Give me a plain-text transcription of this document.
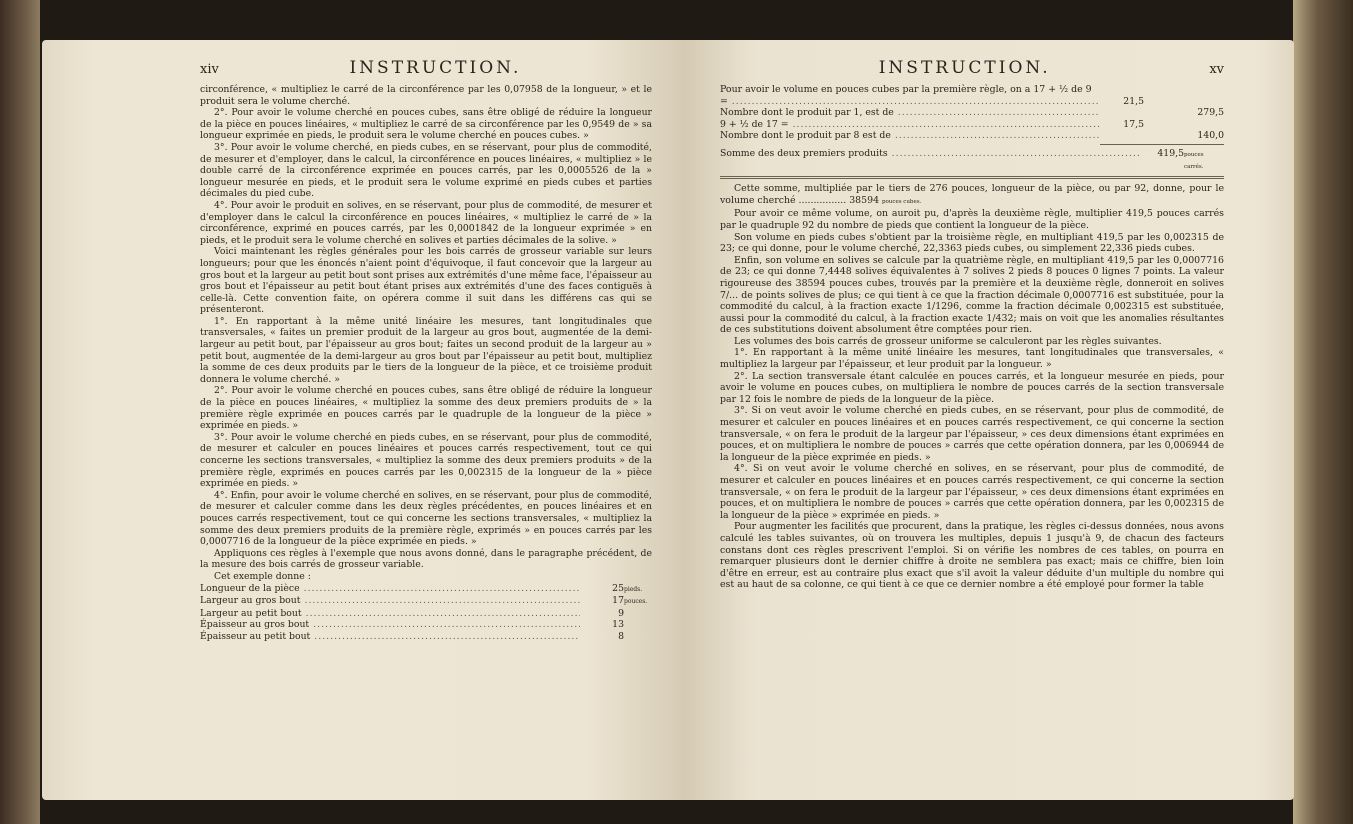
xiv	INSTRUCTION.

circonférence, « multipliez le carré de la circonférence par les 0,07958 de la longueur, » et le produit sera le volume cherché.

2°. Pour avoir le volume cherché en pouces cubes, sans être obligé de réduire la longueur de la pièce en pouces linéaires, « multipliez le carré de sa circonférence par les 0,9549 de » sa longueur exprimée en pieds, le produit sera le volume cherché en pouces cubes. »

3°. Pour avoir le volume cherché, en pieds cubes, en se réservant, pour plus de commodité, de mesurer et d'employer, dans le calcul, la circonférence en pouces linéaires, « multipliez » le double carré de la circonférence exprimée en pouces carrés, par les 0,0005526 de la » longueur mesurée en pieds, et le produit sera le volume exprimé en pieds cubes et parties décimales du pied cube.

4°. Pour avoir le produit en solives, en se réservant, pour plus de commodité, de mesurer et d'employer dans le calcul la circonférence en pouces linéaires, « multipliez le carré de » la circonférence, exprimé en pouces carrés, par les 0,0001842 de la longueur exprimée » en pieds, et le produit sera le volume cherché en solives et parties décimales de la solive. »

Voici maintenant les règles générales pour les bois carrés de grosseur variable sur leurs longueurs; pour que les énoncés n'aient point d'équivoque, il faut concevoir que la largeur au gros bout et la largeur au petit bout sont prises aux extrémités d'une même face, l'épaisseur au gros bout et l'épaisseur au petit bout étant prises aux extrémités d'une des faces contiguës à celle-là. Cette convention faite, on opérera comme il suit dans les différens cas qui se présenteront.

1°. En rapportant à la même unité linéaire les mesures, tant longitudinales que transversales, « faites un premier produit de la largeur au gros bout, augmentée de la demi-largeur au petit bout, par l'épaisseur au gros bout; faites un second produit de la largeur au » petit bout, augmentée de la demi-largeur au gros bout par l'épaisseur au petit bout, multipliez la somme de ces deux produits par le tiers de la longueur de la pièce, et ce troisième produit donnera le volume cherché. »

2°. Pour avoir le volume cherché en pouces cubes, sans être obligé de réduire la longueur de la pièce en pouces linéaires, « multipliez la somme des deux premiers produits de » la première règle exprimée en pouces carrés par le quadruple de la longueur de la pièce » exprimée en pieds. »

3°. Pour avoir le volume cherché en pieds cubes, en se réservant, pour plus de commodité, de mesurer et calculer en pouces linéaires et pouces carrés respectivement, tout ce qui concerne les sections transversales, « multipliez la somme des deux premiers produits » de la première règle, exprimés en pouces carrés par les 0,002315 de la longueur de la » pièce exprimée en pieds. »

4°. Enfin, pour avoir le volume cherché en solives, en se réservant, pour plus de commodité, de mesurer et calculer comme dans les deux règles précédentes, en pouces linéaires et en pouces carrés respectivement, tout ce qui concerne les sections transversales, « multipliez la somme des deux premiers produits de la première règle, exprimés » en pouces carrés par les 0,0007716 de la longueur de la pièce exprimée en pieds. »

Appliquons ces règles à l'exemple que nous avons donné, dans le paragraphe précédent, de la mesure des bois carrés de grosseur variable.

Cet exemple donne :

Longueur de la pièce .....	25 pieds.
Largeur au gros bout .....	17 pouces.
Largeur au petit bout .....	9
Épaisseur au gros bout .....	13
Épaisseur au petit bout .....	8
INSTRUCTION.	xv

Pour avoir le volume en pouces cubes par la première règle, on a 17 + ½ de 9

= .....	21,5
Nombre dont le produit par 1, est de .....	279,5
9 + ½ de 17 = .....	17,5
Nombre dont le produit par 8 est de .....	140,0
Somme des deux premiers produits .....	419,5 pouces carrés.

Cette somme, multipliée par le tiers de 276 pouces, longueur de la pièce, ou par 92, donne, pour le volume cherché ................ 38594 pouces cubes.

Pour avoir ce même volume, on auroit pu, d'après la deuxième règle, multiplier 419,5 pouces carrés par le quadruple 92 du nombre de pieds que contient la longueur de la pièce.

Son volume en pieds cubes s'obtient par la troisième règle, en multipliant 419,5 par les 0,002315 de 23; ce qui donne, pour le volume cherché, 22,3363 pieds cubes, ou simplement 22,336 pieds cubes.

Enfin, son volume en solives se calcule par la quatrième règle, en multipliant 419,5 par les 0,0007716 de 23; ce qui donne 7,4448 solives équivalentes à 7 solives 2 pieds 8 pouces 0 lignes 7 points. La valeur rigoureuse des 38594 pouces cubes, trouvés par la première et la deuxième règle, donneroit en solives 7/... de points solives de plus; ce qui tient à ce que la fraction décimale 0,0007716 est substituée, pour la commodité du calcul, à la fraction exacte 1/1296, comme la fraction décimale 0,002315 est substituée, aussi pour la commodité du calcul, à la fraction exacte 1/432; mais on voit que les anomalies résultantes de ces substitutions doivent absolument être comptées pour rien.

Les volumes des bois carrés de grosseur uniforme se calculeront par les règles suivantes.

1°. En rapportant à la même unité linéaire les mesures, tant longitudinales que transversales, « multipliez la largeur par l'épaisseur, et leur produit par la longueur. »

2°. La section transversale étant calculée en pouces carrés, et la longueur mesurée en pieds, pour avoir le volume en pouces cubes, on multipliera le nombre de pouces carrés de la section transversale par 12 fois le nombre de pieds de la longueur de la pièce.

3°. Si on veut avoir le volume cherché en pieds cubes, en se réservant, pour plus de commodité, de mesurer et calculer en pouces linéaires et en pouces carrés respectivement, ce qui concerne la section transversale, « on fera le produit de la largeur par l'épaisseur, » ces deux dimensions étant exprimées en pouces, et on multipliera le nombre de pouces » carrés que cette opération donnera, par les 0,006944 de la longueur de la pièce exprimée en pieds. »

4°. Si on veut avoir le volume cherché en solives, en se réservant, pour plus de commodité, de mesurer et calculer en pouces linéaires et en pouces carrés respectivement, ce qui concerne la section transversale, « on fera le produit de la largeur par l'épaisseur, » ces deux dimensions étant exprimées en pouces, et on multipliera le nombre de pouces » carrés que cette opération donnera, par les 0,002315 de la longueur de la pièce » exprimée en pieds. »

Pour augmenter les facilités que procurent, dans la pratique, les règles ci-dessus données, nous avons calculé les tables suivantes, où on trouvera les multiples, depuis 1 jusqu'à 9, de chacun des facteurs constans dont ces règles prescrivent l'emploi. Si on vérifie les nombres de ces tables, on pourra en remarquer plusieurs dont le dernier chiffre à droite ne semblera pas exact; mais ce chiffre, bien loin d'être en erreur, est au contraire plus exact que s'il avoit la valeur déduite d'un multiple du nombre qui est au haut de sa colonne, ce qui tient à ce que ce dernier nombre a été employé pour former la table
